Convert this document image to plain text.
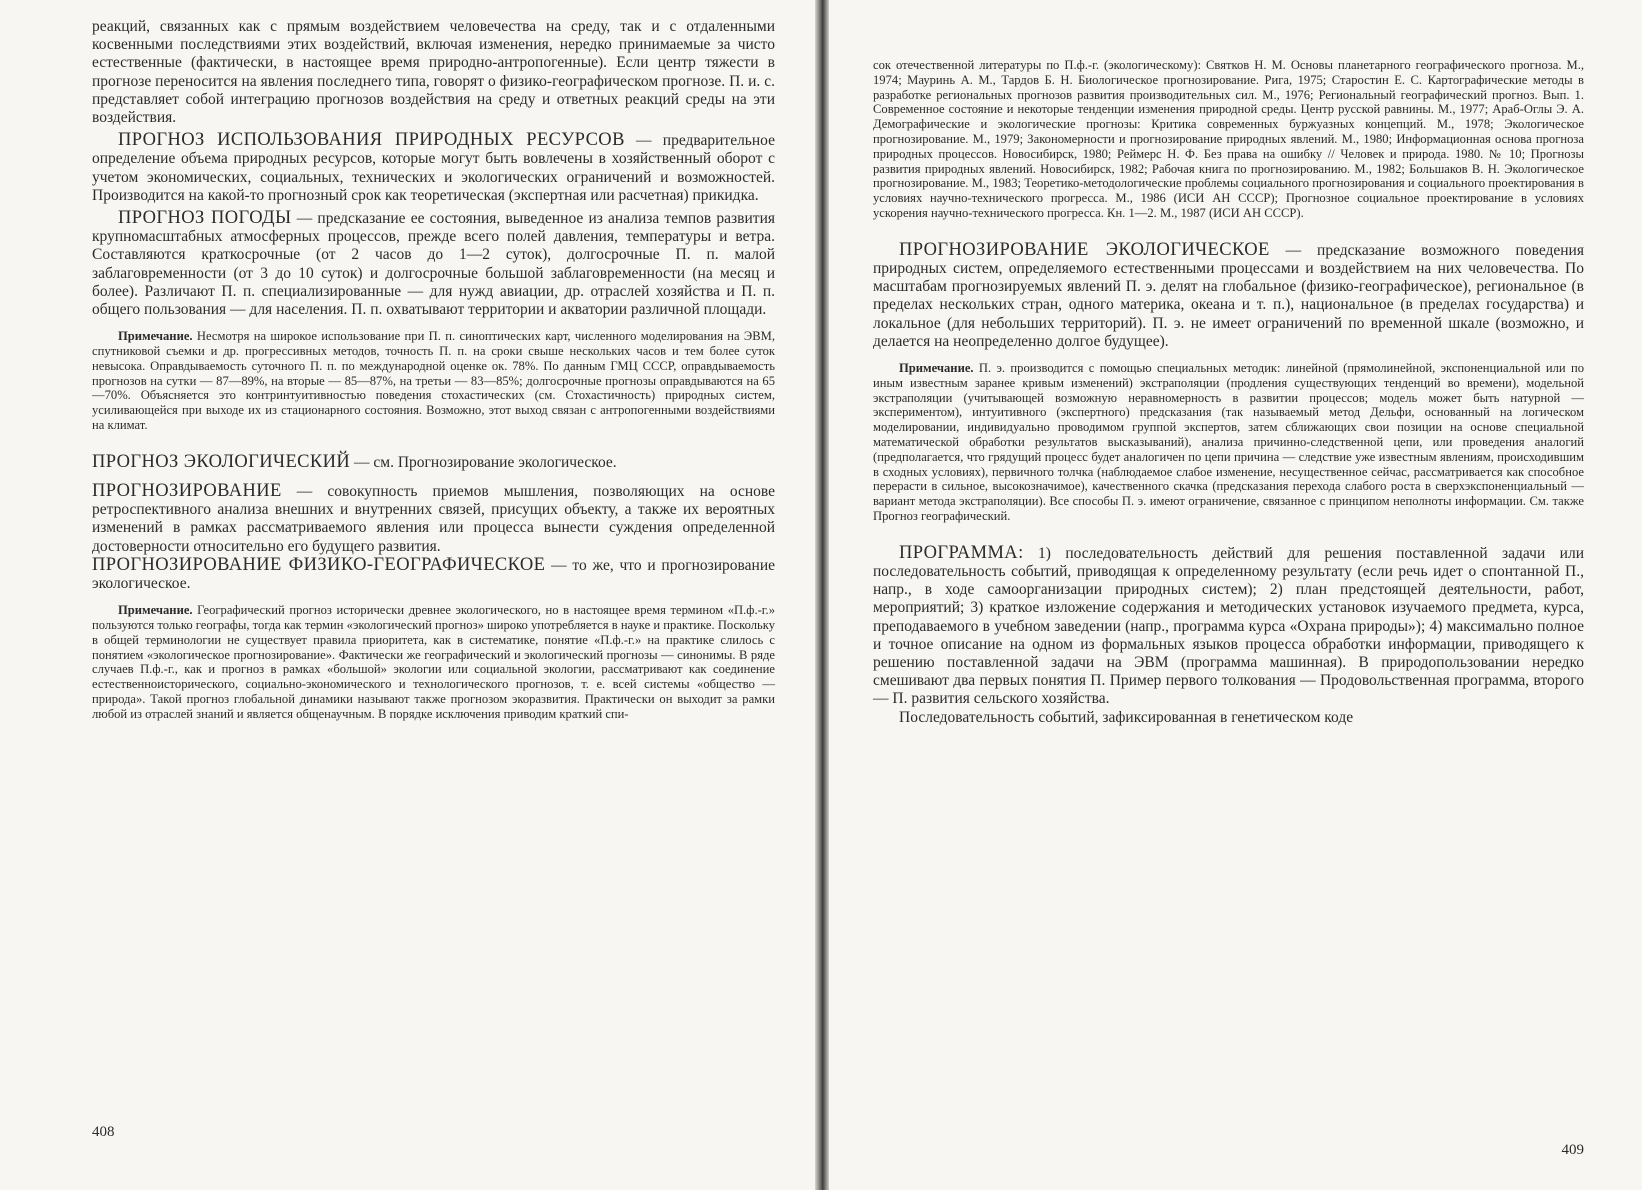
реакций, связанных как с прямым воздействием человечества на среду, так и с отдаленными косвенными последствиями этих воздействий, включая изменения, нередко принимаемые за чисто естественные (фактически, в настоящее время природно-антропогенные). Если центр тяжести в прогнозе переносится на явления последнего типа, говорят о физико-географическом прогнозе. П. и. с. представляет собой интеграцию прогнозов воздействия на среду и ответных реакций среды на эти воздействия.

ПРОГНОЗ ИСПОЛЬЗОВАНИЯ ПРИРОДНЫХ РЕСУРСОВ — предварительное определение объема природных ресурсов, которые могут быть вовлечены в хозяйственный оборот с учетом экономических, социальных, технических и экологических ограничений и возможностей. Производится на какой-то прогнозный срок как теоретическая (экспертная или расчетная) прикидка.

ПРОГНОЗ ПОГОДЫ — предсказание ее состояния, выведенное из анализа темпов развития крупномасштабных атмосферных процессов, прежде всего полей давления, температуры и ветра. Составляются краткосрочные (от 2 часов до 1—2 суток), долгосрочные П. п. малой заблаговременности (от 3 до 10 суток) и долгосрочные большой заблаговременности (на месяц и более). Различают П. п. специализированные — для нужд авиации, др. отраслей хозяйства и П. п. общего пользования — для населения. П. п. охватывают территории и акватории различной площади.

Примечание. Несмотря на широкое использование при П. п. синоптических карт, численного моделирования на ЭВМ, спутниковой съемки и др. прогрессивных методов, точность П. п. на сроки свыше нескольких часов и тем более суток невысока. Оправдываемость суточного П. п. по международной оценке ок. 78%. По данным ГМЦ СССР, оправдываемость прогнозов на сутки — 87—89%, на вторые — 85—87%, на третьи — 83—85%; долгосрочные прогнозы оправдываются на 65—70%. Объясняется это контринтуитивностью поведения стохастических (см. Стохастичность) природных систем, усиливающейся при выходе их из стационарного состояния. Возможно, этот выход связан с антропогенными воздействиями на климат.

ПРОГНОЗ ЭКОЛОГИЧЕСКИЙ — см. Прогнозирование экологическое.

ПРОГНОЗИРОВАНИЕ — совокупность приемов мышления, позволяющих на основе ретроспективного анализа внешних и внутренних связей, присущих объекту, а также их вероятных изменений в рамках рассматриваемого явления или процесса вынести суждения определенной достоверности относительно его будущего развития.

ПРОГНОЗИРОВАНИЕ ФИЗИКО-ГЕОГРАФИЧЕСКОЕ — то же, что и прогнозирование экологическое.

Примечание. Географический прогноз исторически древнее экологического, но в настоящее время термином «П.ф.-г.» пользуются только географы, тогда как термин «экологический прогноз» широко употребляется в науке и практике. Поскольку в общей терминологии не существует правила приоритета, как в систематике, понятие «П.ф.-г.» на практике слилось с понятием «экологическое прогнозирование». Фактически же географический и экологический прогнозы — синонимы. В ряде случаев П.ф.-г., как и прогноз в рамках «большой» экологии или социальной экологии, рассматривают как соединение естественноисторического, социально-экономического и технологического прогнозов, т. е. всей системы «общество — природа». Такой прогноз глобальной динамики называют также прогнозом экоразвития. Практически он выходит за рамки любой из отраслей знаний и является общенаучным. В порядке исключения приводим краткий спи-

408

сок отечественной литературы по П.ф.-г. (экологическому): Святков Н. М. Основы планетарного географического прогноза. М., 1974; Мауринь А. М., Тардов Б. Н. Биологическое прогнозирование. Рига, 1975; Старостин Е. С. Картографические методы в разработке региональных прогнозов развития производительных сил. М., 1976; Региональный географический прогноз. Вып. 1. Современное состояние и некоторые тенденции изменения природной среды. Центр русской равнины. М., 1977; Араб-Оглы Э. А. Демографические и экологические прогнозы: Критика современных буржуазных концепций. М., 1978; Экологическое прогнозирование. М., 1979; Закономерности и прогнозирование природных явлений. М., 1980; Информационная основа прогноза природных процессов. Новосибирск, 1980; Реймерс Н. Ф. Без права на ошибку // Человек и природа. 1980. № 10; Прогнозы развития природных явлений. Новосибирск, 1982; Рабочая книга по прогнозированию. М., 1982; Большаков В. Н. Экологическое прогнозирование. М., 1983; Теоретико-методологические проблемы социального прогнозирования и социального проектирования в условиях научно-технического прогресса. М., 1986 (ИСИ АН СССР); Прогнозное социальное проектирование в условиях ускорения научно-технического прогресса. Кн. 1—2. М., 1987 (ИСИ АН СССР).

ПРОГНОЗИРОВАНИЕ ЭКОЛОГИЧЕСКОЕ — предсказание возможного поведения природных систем, определяемого естественными процессами и воздействием на них человечества. По масштабам прогнозируемых явлений П. э. делят на глобальное (физико-географическое), региональное (в пределах нескольких стран, одного материка, океана и т. п.), национальное (в пределах государства) и локальное (для небольших территорий). П. э. не имеет ограничений по временной шкале (возможно, и делается на неопределенно долгое будущее).

Примечание. П. э. производится с помощью специальных методик: линейной (прямолинейной, экспоненциальной или по иным известным заранее кривым изменений) экстраполяции (продления существующих тенденций во времени), модельной экстраполяции (учитывающей возможную неравномерность в развитии процессов; модель может быть натурной — экспериментом), интуитивного (экспертного) предсказания (так называемый метод Дельфи, основанный на логическом моделировании, индивидуально проводимом группой экспертов, затем сближающих свои позиции на основе специальной математической обработки результатов высказываний), анализа причинно-следственной цепи, или проведения аналогий (предполагается, что грядущий процесс будет аналогичен по цепи причина — следствие уже известным явлениям, происходившим в сходных условиях), первичного толчка (наблюдаемое слабое изменение, несущественное сейчас, рассматривается как способное перерасти в сильное, высокозначимое), качественного скачка (предсказания перехода слабого роста в сверхэкспоненциальный — вариант метода экстраполяции). Все способы П. э. имеют ограничение, связанное с принципом неполноты информации. См. также Прогноз географический.

ПРОГРАММА: 1) последовательность действий для решения поставленной задачи или последовательность событий, приводящая к определенному результату (если речь идет о спонтанной П., напр., в ходе самоорганизации природных систем); 2) план предстоящей деятельности, работ, мероприятий; 3) краткое изложение содержания и методических установок изучаемого предмета, курса, преподаваемого в учебном заведении (напр., программа курса «Охрана природы»); 4) максимально полное и точное описание на одном из формальных языков процесса обработки информации, приводящего к решению поставленной задачи на ЭВМ (программа машинная). В природопользовании нередко смешивают два первых понятия П. Пример первого толкования — Продовольственная программа, второго — П. развития сельского хозяйства.

Последовательность событий, зафиксированная в генетическом коде

409
